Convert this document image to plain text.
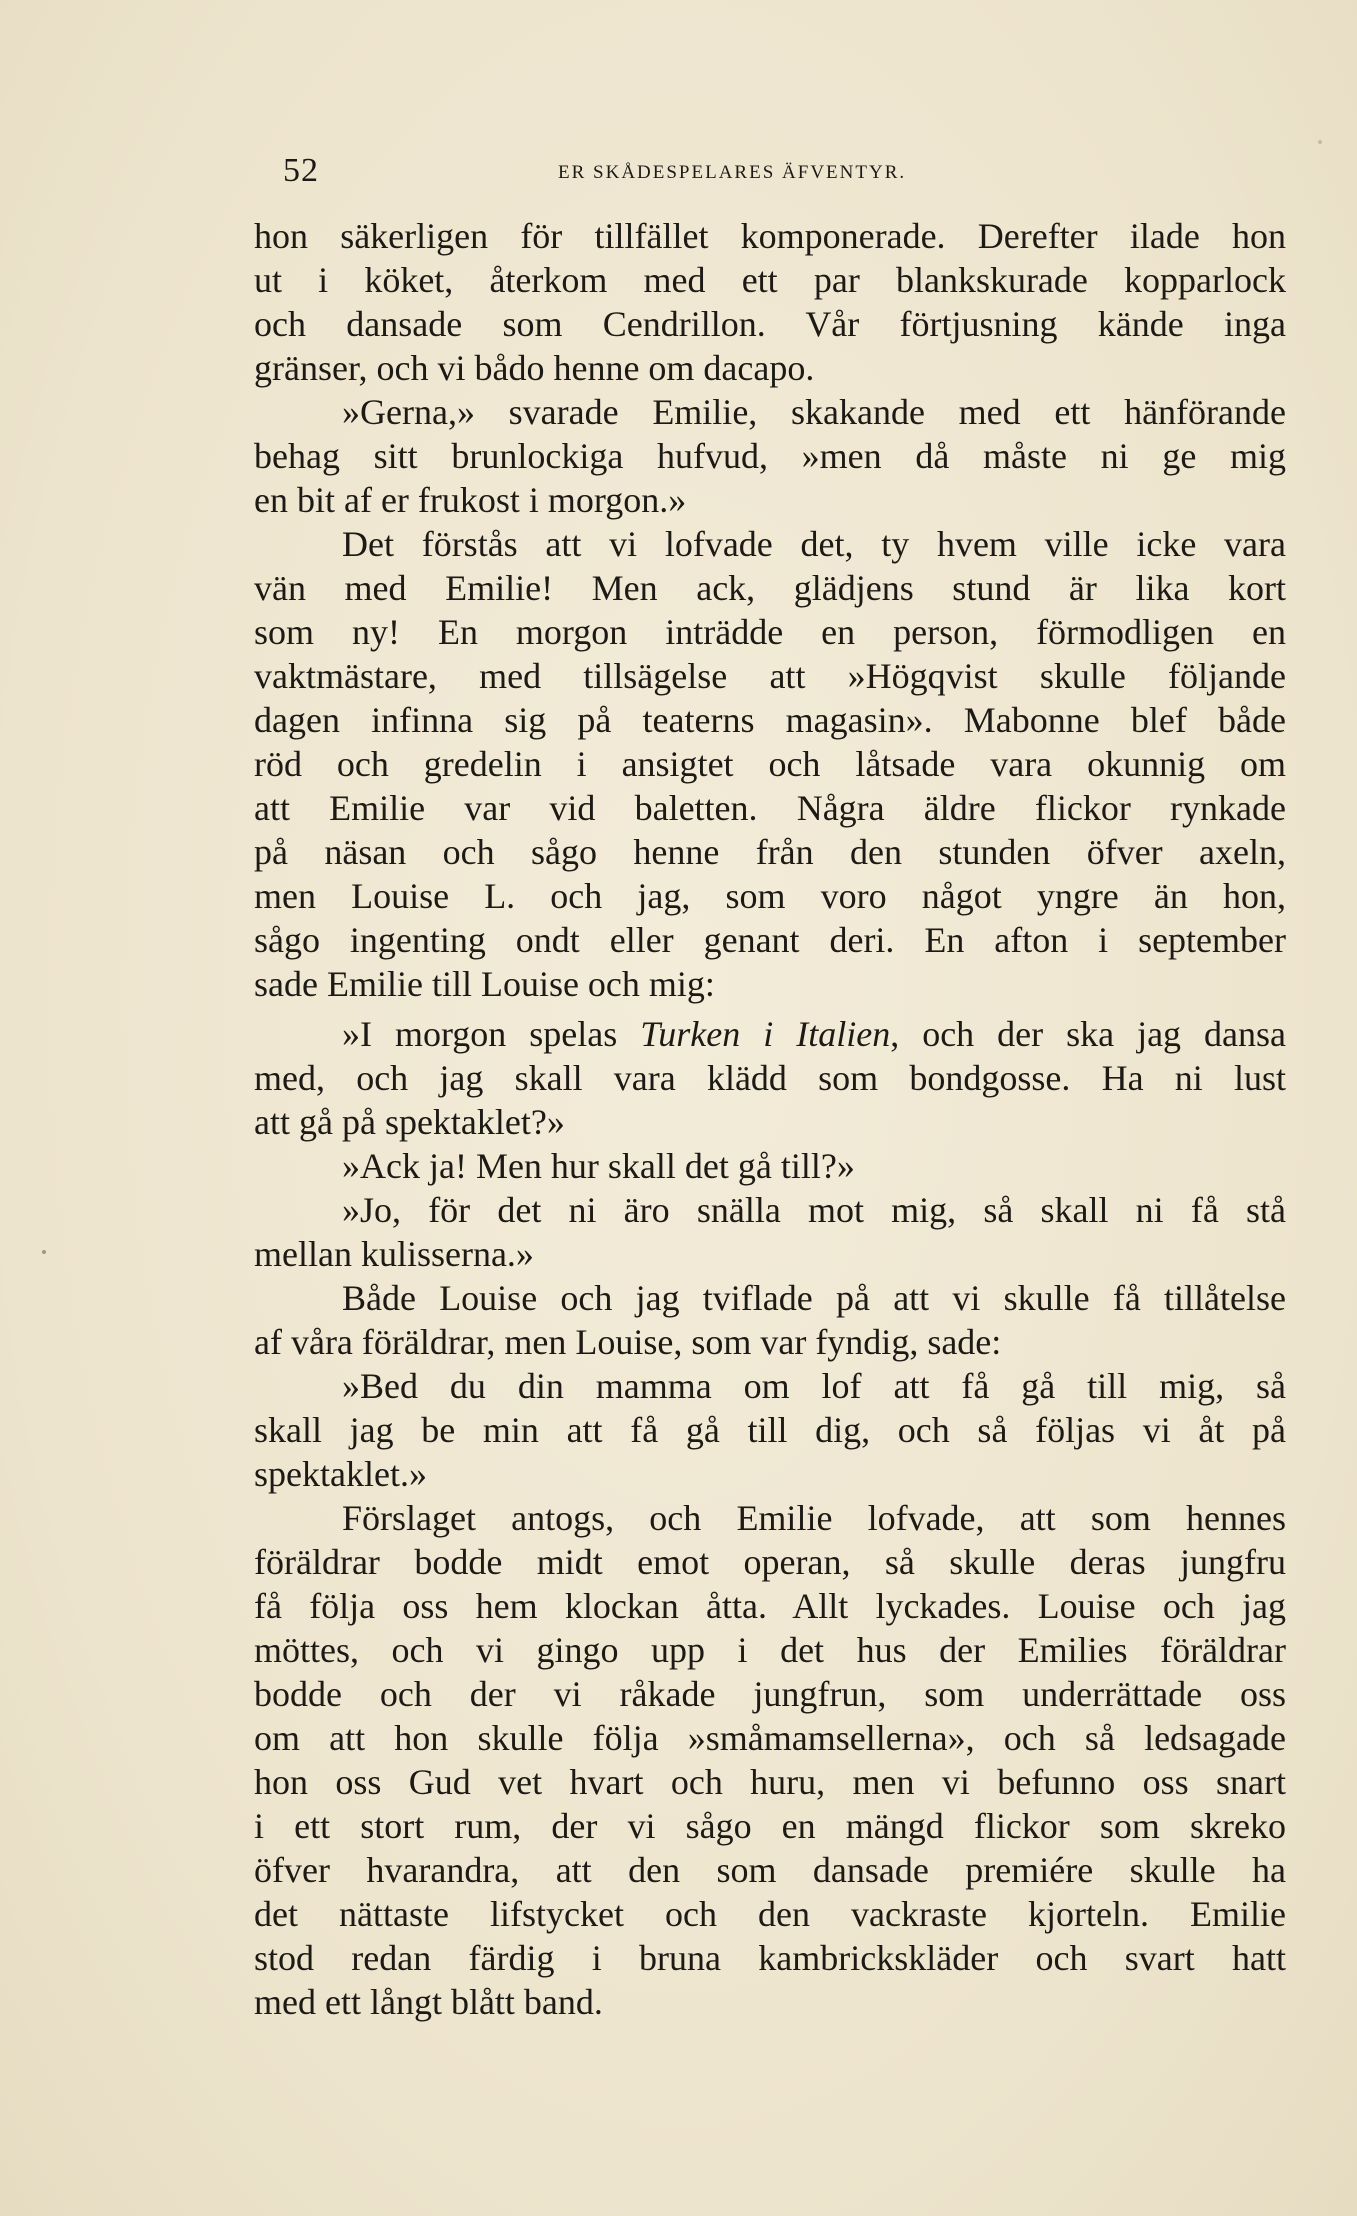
52	ER SKÅDESPELARES ÄFVENTYR.
hon säkerligen för tillfället komponerade. Derefter ilade hon
ut i köket, återkom med ett par blankskurade kopparlock
och dansade som Cendrillon. Vår förtjusning kände inga
gränser, och vi bådo henne om dacapo.
»Gerna,» svarade Emilie, skakande med ett hänförande
behag sitt brunlockiga hufvud, »men då måste ni ge mig
en bit af er frukost i morgon.»
Det förstås att vi lofvade det, ty hvem ville icke vara
vän med Emilie! Men ack, glädjens stund är lika kort
som ny! En morgon inträdde en person, förmodligen en
vaktmästare, med tillsägelse att »Högqvist skulle följande
dagen infinna sig på teaterns magasin». Mabonne blef både
röd och gredelin i ansigtet och låtsade vara okunnig om
att Emilie var vid baletten. Några äldre flickor rynkade
på näsan och sågo henne från den stunden öfver axeln,
men Louise L. och jag, som voro något yngre än hon,
sågo ingenting ondt eller genant deri. En afton i september
sade Emilie till Louise och mig:
»I morgon spelas Turken i Italien, och der ska jag dansa
med, och jag skall vara klädd som bondgosse. Ha ni lust
att gå på spektaklet?»
»Ack ja! Men hur skall det gå till?»
»Jo, för det ni äro snälla mot mig, så skall ni få stå
mellan kulisserna.»
Både Louise och jag tviflade på att vi skulle få tillåtelse
af våra föräldrar, men Louise, som var fyndig, sade:
»Bed du din mamma om lof att få gå till mig, så
skall jag be min att få gå till dig, och så följas vi åt på
spektaklet.»
Förslaget antogs, och Emilie lofvade, att som hennes
föräldrar bodde midt emot operan, så skulle deras jungfru
få följa oss hem klockan åtta. Allt lyckades. Louise och jag
möttes, och vi gingo upp i det hus der Emilies föräldrar
bodde och der vi råkade jungfrun, som underrättade oss
om att hon skulle följa »småmamsellerna», och så ledsagade
hon oss Gud vet hvart och huru, men vi befunno oss snart
i ett stort rum, der vi sågo en mängd flickor som skreko
öfver hvarandra, att den som dansade premiére skulle ha
det nättaste lifstycket och den vackraste kjorteln. Emilie
stod redan färdig i bruna kambrickskläder och svart hatt
med ett långt blått band.
